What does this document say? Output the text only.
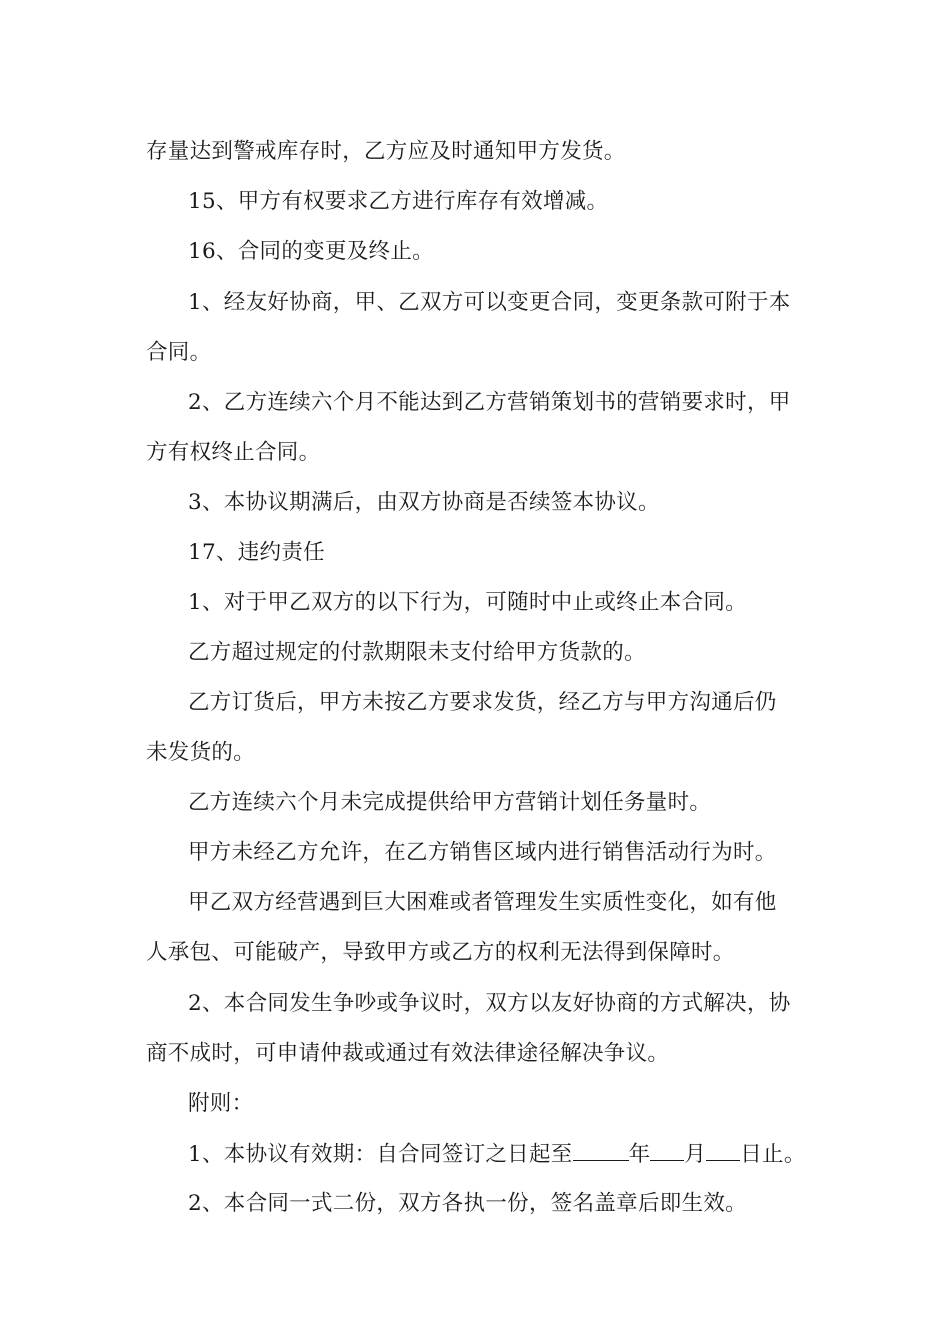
存量达到警戒库存时，乙方应及时通知甲方发货。
15、甲方有权要求乙方进行库存有效增减。
16、合同的变更及终止。
1、经友好协商，甲、乙双方可以变更合同，变更条款可附于本
合同。
2、乙方连续六个月不能达到乙方营销策划书的营销要求时，甲
方有权终止合同。
3、本协议期满后，由双方协商是否续签本协议。
17、违约责任
1、对于甲乙双方的以下行为，可随时中止或终止本合同。
乙方超过规定的付款期限未支付给甲方货款的。
乙方订货后，甲方未按乙方要求发货，经乙方与甲方沟通后仍
未发货的。
乙方连续六个月未完成提供给甲方营销计划任务量时。
甲方未经乙方允许，在乙方销售区域内进行销售活动行为时。
甲乙双方经营遇到巨大困难或者管理发生实质性变化，如有他
人承包、可能破产，导致甲方或乙方的权利无法得到保障时。
2、本合同发生争吵或争议时，双方以友好协商的方式解决，协
商不成时，可申请仲裁或通过有效法律途径解决争议。
附则：
1、本协议有效期：自合同签订之日起至	年 月 日止。
2、本合同一式二份，双方各执一份，签名盖章后即生效。
